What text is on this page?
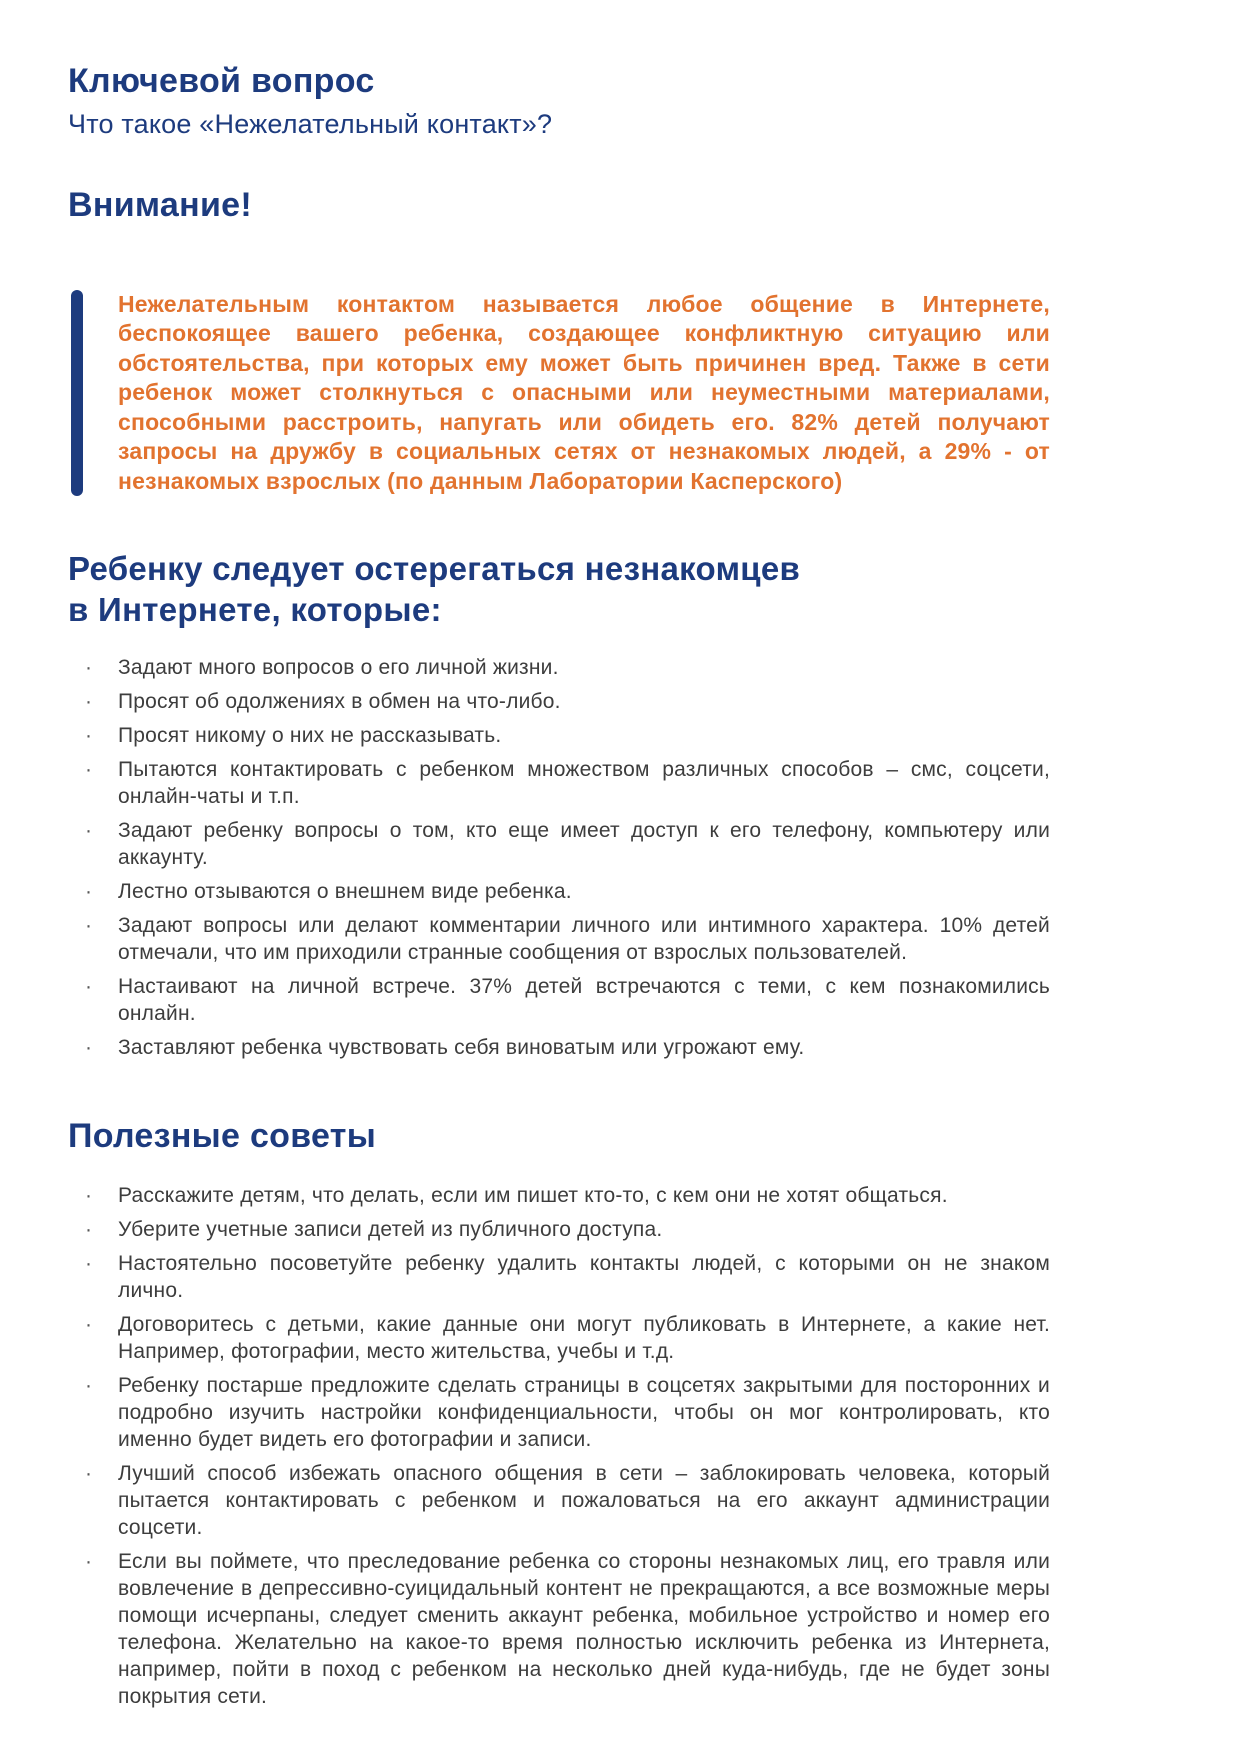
Ключевой вопрос

Что такое «Нежелательный контакт»?

Внимание!

Нежелательным контактом называется любое общение в Интернете, беспокоящее вашего ребенка, создающее конфликтную ситуацию или обстоятельства, при которых ему может быть причинен вред. Также в сети ребенок может столкнуться с опасными или неуместными материалами, способными расстроить, напугать или обидеть его. 82% детей получают запросы на дружбу в социальных сетях от незнакомых людей, а 29% - от незнакомых взрослых (по данным Лаборатории Касперского)

Ребенку следует остерегаться незнакомцев
в Интернете, которые:
·	Задают много вопросов о его личной жизни.
·	Просят об одолжениях в обмен на что-либо.
·	Просят никому о них не рассказывать.
·	Пытаются контактировать с ребенком множеством различных способов – смс, соцсети, онлайн-чаты и т.п.
·	Задают ребенку вопросы о том, кто еще имеет доступ к его телефону, компьютеру или аккаунту.
·	Лестно отзываются о внешнем виде ребенка.
·	Задают вопросы или делают комментарии личного или интимного характера. 10% детей отмечали, что им приходили странные сообщения от взрослых пользователей.
·	Настаивают на личной встрече. 37% детей встречаются с теми, с кем познакомились онлайн.
·	Заставляют ребенка чувствовать себя виноватым или угрожают ему.
Полезные советы
·	Расскажите детям, что делать, если им пишет кто-то, с кем они не хотят общаться.
·	Уберите учетные записи детей из публичного доступа.
·	Настоятельно посоветуйте ребенку удалить контакты людей, с которыми он не знаком лично.
·	Договоритесь с детьми, какие данные они могут публиковать в Интернете, а какие нет. Например, фотографии, место жительства, учебы и т.д.
·	Ребенку постарше предложите сделать страницы в соцсетях закрытыми для посторонних и подробно изучить настройки конфиденциальности, чтобы он мог контролировать, кто именно будет видеть его фотографии и записи.
·	Лучший способ избежать опасного общения в сети – заблокировать человека, который пытается контактировать с ребенком и пожаловаться на его аккаунт администрации соцсети.
·	Если вы поймете, что преследование ребенка со стороны незнакомых лиц, его травля или вовлечение в депрессивно-суицидальный контент не прекращаются, а все возможные меры помощи исчерпаны, следует сменить аккаунт ребенка, мобильное устройство и номер его телефона. Желательно на какое-то время полностью исключить ребенка из Интернета, например, пойти в поход с ребенком на несколько дней куда-нибудь, где не будет зоны покрытия сети.
